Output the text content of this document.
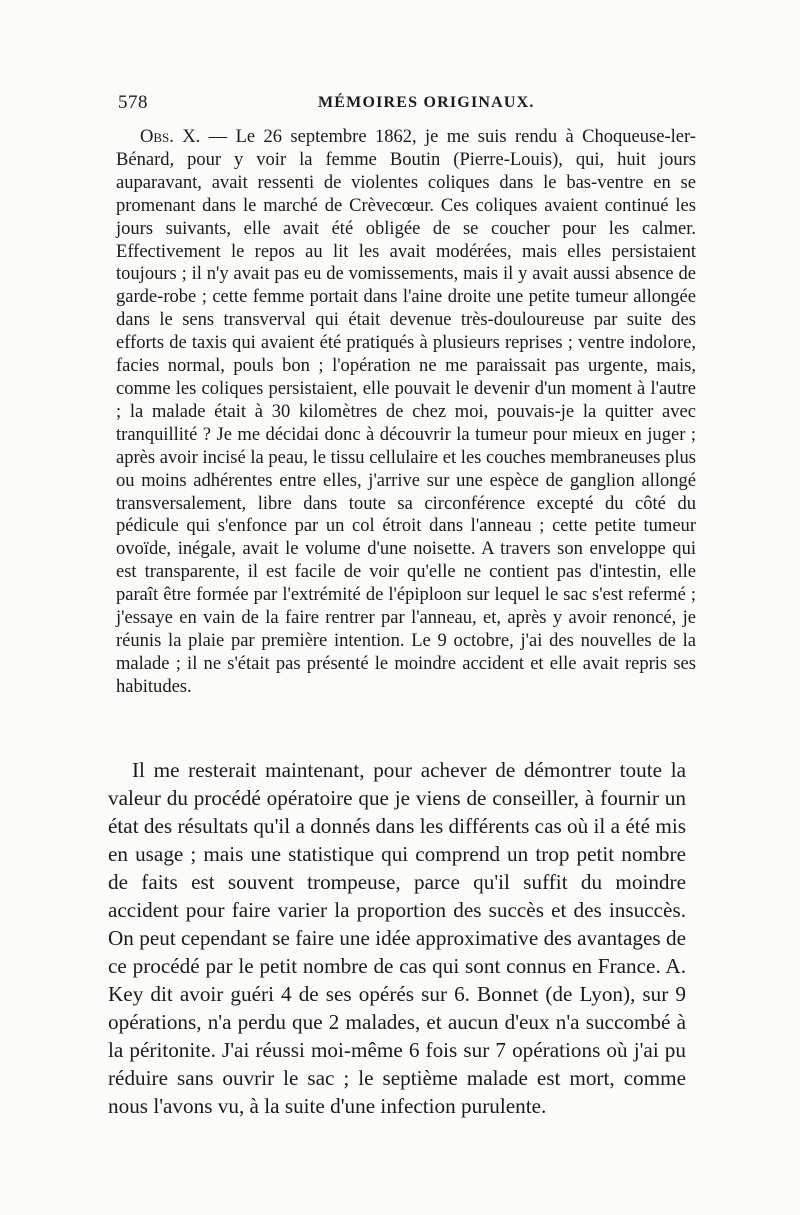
578	MÉMOIRES ORIGINAUX.

Obs. X. — Le 26 septembre 1862, je me suis rendu à Choqueuse-ler-Bénard, pour y voir la femme Boutin (Pierre-Louis), qui, huit jours auparavant, avait ressenti de violentes coliques dans le bas-ventre en se promenant dans le marché de Crèvecœur. Ces coliques avaient continué les jours suivants, elle avait été obligée de se coucher pour les calmer. Effectivement le repos au lit les avait modérées, mais elles persistaient toujours ; il n'y avait pas eu de vomissements, mais il y avait aussi absence de garde-robe ; cette femme portait dans l'aine droite une petite tumeur allongée dans le sens transverval qui était devenue très-douloureuse par suite des efforts de taxis qui avaient été pratiqués à plusieurs reprises ; ventre indolore, facies normal, pouls bon ; l'opération ne me paraissait pas urgente, mais, comme les coliques persistaient, elle pouvait le devenir d'un moment à l'autre ; la malade était à 30 kilomètres de chez moi, pouvais-je la quitter avec tranquillité ? Je me décidai donc à découvrir la tumeur pour mieux en juger ; après avoir incisé la peau, le tissu cellulaire et les couches membraneuses plus ou moins adhérentes entre elles, j'arrive sur une espèce de ganglion allongé transversalement, libre dans toute sa circonférence excepté du côté du pédicule qui s'enfonce par un col étroit dans l'anneau ; cette petite tumeur ovoïde, inégale, avait le volume d'une noisette. A travers son enveloppe qui est transparente, il est facile de voir qu'elle ne contient pas d'intestin, elle paraît être formée par l'extrémité de l'épiploon sur lequel le sac s'est refermé ; j'essaye en vain de la faire rentrer par l'anneau, et, après y avoir renoncé, je réunis la plaie par première intention. Le 9 octobre, j'ai des nouvelles de la malade ; il ne s'était pas présenté le moindre accident et elle avait repris ses habitudes.

Il me resterait maintenant, pour achever de démontrer toute la valeur du procédé opératoire que je viens de conseiller, à fournir un état des résultats qu'il a donnés dans les différents cas où il a été mis en usage ; mais une statistique qui comprend un trop petit nombre de faits est souvent trompeuse, parce qu'il suffit du moindre accident pour faire varier la proportion des succès et des insuccès. On peut cependant se faire une idée approximative des avantages de ce procédé par le petit nombre de cas qui sont connus en France. A. Key dit avoir guéri 4 de ses opérés sur 6. Bonnet (de Lyon), sur 9 opérations, n'a perdu que 2 malades, et aucun d'eux n'a succombé à la péritonite. J'ai réussi moi-même 6 fois sur 7 opérations où j'ai pu réduire sans ouvrir le sac ; le septième malade est mort, comme nous l'avons vu, à la suite d'une infection purulente.
